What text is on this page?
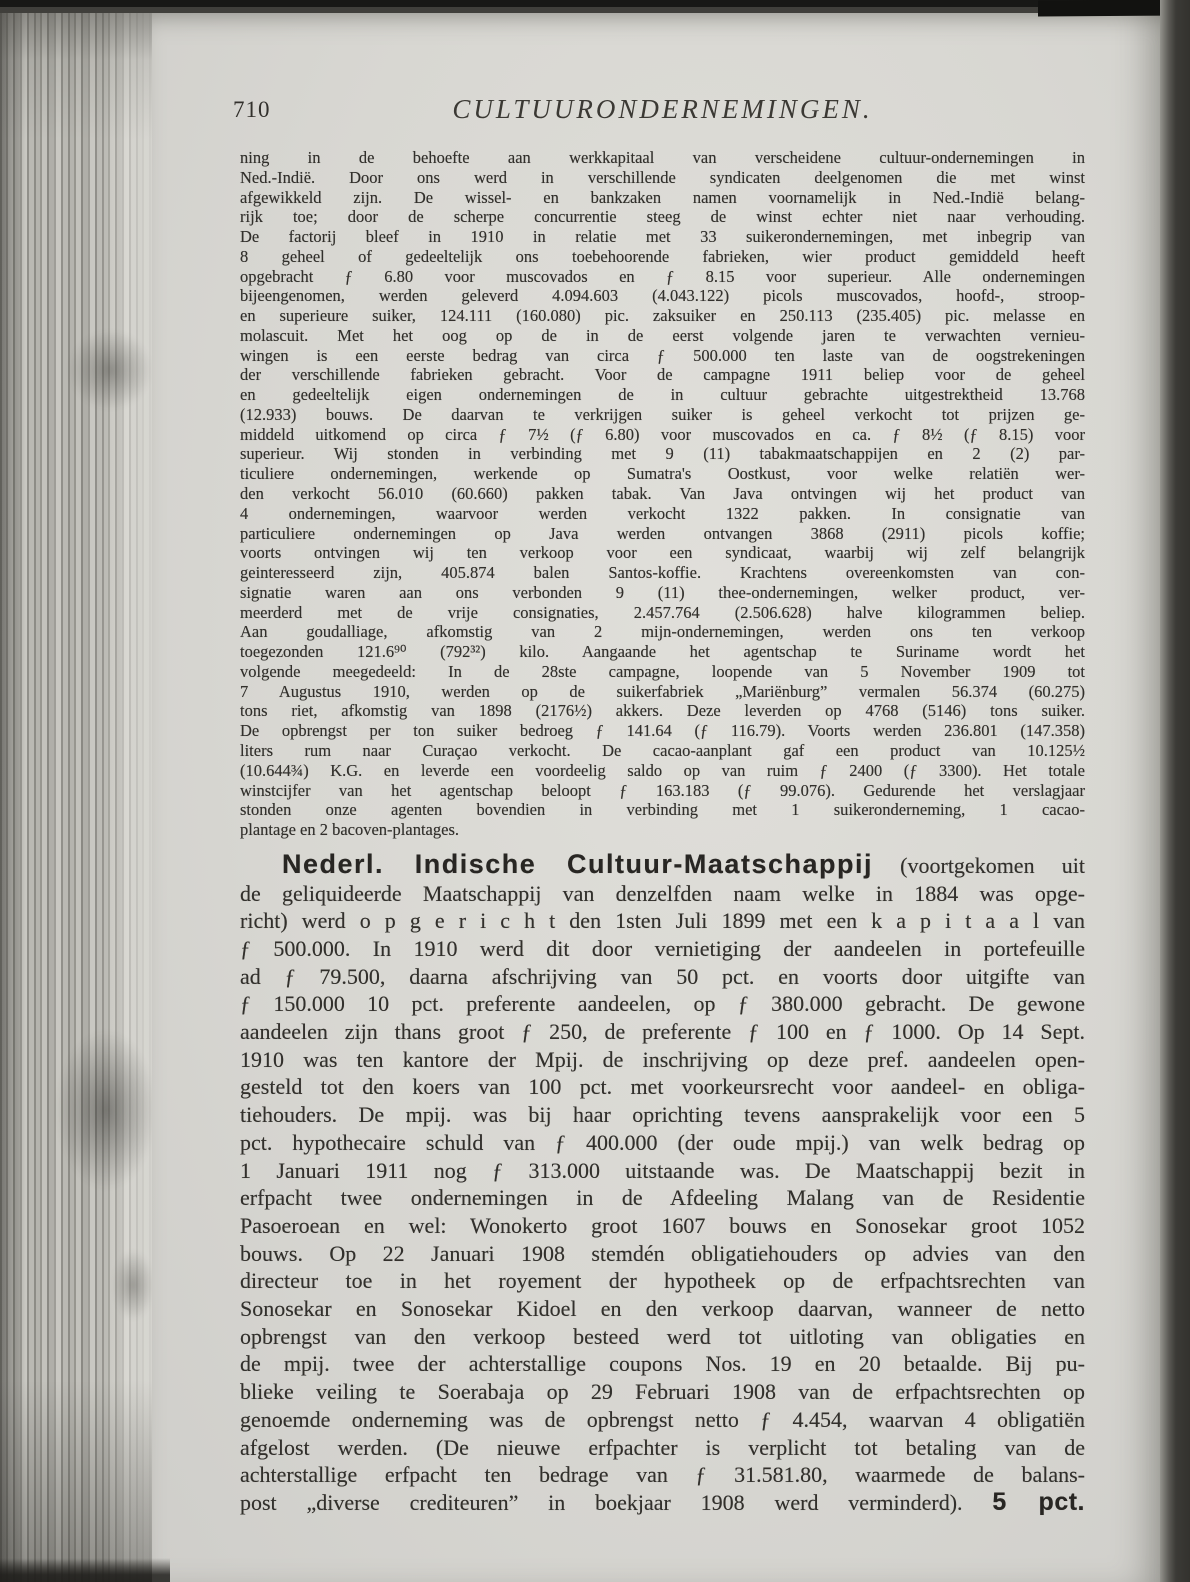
710	CULTUURONDERNEMINGEN.
ning in de behoefte aan werkkapitaal van verscheidene cultuur-ondernemingen in
Ned.-Indië. Door ons werd in verschillende syndicaten deelgenomen die met winst
afgewikkeld zijn. De wissel- en bankzaken namen voornamelijk in Ned.-Indië belang-
rijk toe; door de scherpe concurrentie steeg de winst echter niet naar verhouding.
De factorij bleef in 1910 in relatie met 33 suikerondernemingen, met inbegrip van
8 geheel of gedeeltelijk ons toebehoorende fabrieken, wier product gemiddeld heeft
opgebracht ƒ 6.80 voor muscovados en ƒ 8.15 voor superieur. Alle ondernemingen
bijeengenomen, werden geleverd 4.094.603 (4.043.122) picols muscovados, hoofd-, stroop-
en superieure suiker, 124.111 (160.080) pic. zaksuiker en 250.113 (235.405) pic. melasse en
molascuit. Met het oog op de in de eerst volgende jaren te verwachten vernieu-
wingen is een eerste bedrag van circa ƒ 500.000 ten laste van de oogstrekeningen
der verschillende fabrieken gebracht. Voor de campagne 1911 beliep voor de geheel
en gedeeltelijk eigen ondernemingen de in cultuur gebrachte uitgestrektheid 13.768
(12.933) bouws. De daarvan te verkrijgen suiker is geheel verkocht tot prijzen ge-
middeld uitkomend op circa ƒ 7½ (ƒ 6.80) voor muscovados en ca. ƒ 8½ (ƒ 8.15) voor
superieur. Wij stonden in verbinding met 9 (11) tabakmaatschappijen en 2 (2) par-
ticuliere ondernemingen, werkende op Sumatra's Oostkust, voor welke relatiën wer-
den verkocht 56.010 (60.660) pakken tabak. Van Java ontvingen wij het product van
4 ondernemingen, waarvoor werden verkocht 1322 pakken. In consignatie van
particuliere ondernemingen op Java werden ontvangen 3868 (2911) picols koffie;
voorts ontvingen wij ten verkoop voor een syndicaat, waarbij wij zelf belangrijk
geinteresseerd zijn, 405.874 balen Santos-koffie. Krachtens overeenkomsten van con-
signatie waren aan ons verbonden 9 (11) thee-ondernemingen, welker product, ver-
meerderd met de vrije consignaties, 2.457.764 (2.506.628) halve kilogrammen beliep.
Aan goudalliage, afkomstig van 2 mijn-ondernemingen, werden ons ten verkoop
toegezonden 121.6⁹⁰ (792³²) kilo. Aangaande het agentschap te Suriname wordt het
volgende meegedeeld: In de 28ste campagne, loopende van 5 November 1909 tot
7 Augustus 1910, werden op de suikerfabriek „Mariënburg” vermalen 56.374 (60.275)
tons riet, afkomstig van 1898 (2176½) akkers. Deze leverden op 4768 (5146) tons suiker.
De opbrengst per ton suiker bedroeg ƒ 141.64 (ƒ 116.79). Voorts werden 236.801 (147.358)
liters rum naar Curaçao verkocht. De cacao-aanplant gaf een product van 10.125½
(10.644¾) K.G. en leverde een voordeelig saldo op van ruim ƒ 2400 (ƒ 3300). Het totale
winstcijfer van het agentschap beloopt ƒ 163.183 (ƒ 99.076). Gedurende het verslagjaar
stonden onze agenten bovendien in verbinding met 1 suikeronderneming, 1 cacao-
plantage en 2 bacoven-plantages.
Nederl. Indische Cultuur-Maatschappij (voortgekomen uit
de geliquideerde Maatschappij van denzelfden naam welke in 1884 was opge-
richt) werd o p g e r i c h t den 1sten Juli 1899 met een k a p i t a a l van
ƒ 500.000. In 1910 werd dit door vernietiging der aandeelen in portefeuille
ad ƒ 79.500, daarna afschrijving van 50 pct. en voorts door uitgifte van
ƒ 150.000 10 pct. preferente aandeelen, op ƒ 380.000 gebracht. De gewone
aandeelen zijn thans groot ƒ 250, de preferente ƒ 100 en ƒ 1000. Op 14 Sept.
1910 was ten kantore der Mpij. de inschrijving op deze pref. aandeelen open-
gesteld tot den koers van 100 pct. met voorkeursrecht voor aandeel- en obliga-
tiehouders. De mpij. was bij haar oprichting tevens aansprakelijk voor een 5
pct. hypothecaire schuld van ƒ 400.000 (der oude mpij.) van welk bedrag op
1 Januari 1911 nog ƒ 313.000 uitstaande was. De Maatschappij bezit in
erfpacht twee ondernemingen in de Afdeeling Malang van de Residentie
Pasoeroean en wel: Wonokerto groot 1607 bouws en Sonosekar groot 1052
bouws. Op 22 Januari 1908 stemdén obligatiehouders op advies van den
directeur toe in het royement der hypotheek op de erfpachtsrechten van
Sonosekar en Sonosekar Kidoel en den verkoop daarvan, wanneer de netto
opbrengst van den verkoop besteed werd tot uitloting van obligaties en
de mpij. twee der achterstallige coupons Nos. 19 en 20 betaalde. Bij pu-
blieke veiling te Soerabaja op 29 Februari 1908 van de erfpachtsrechten op
genoemde onderneming was de opbrengst netto ƒ 4.454, waarvan 4 obligatiën
afgelost werden. (De nieuwe erfpachter is verplicht tot betaling van de
achterstallige erfpacht ten bedrage van ƒ 31.581.80, waarmede de balans-
post „diverse crediteuren” in boekjaar 1908 werd verminderd). 5 pct.
